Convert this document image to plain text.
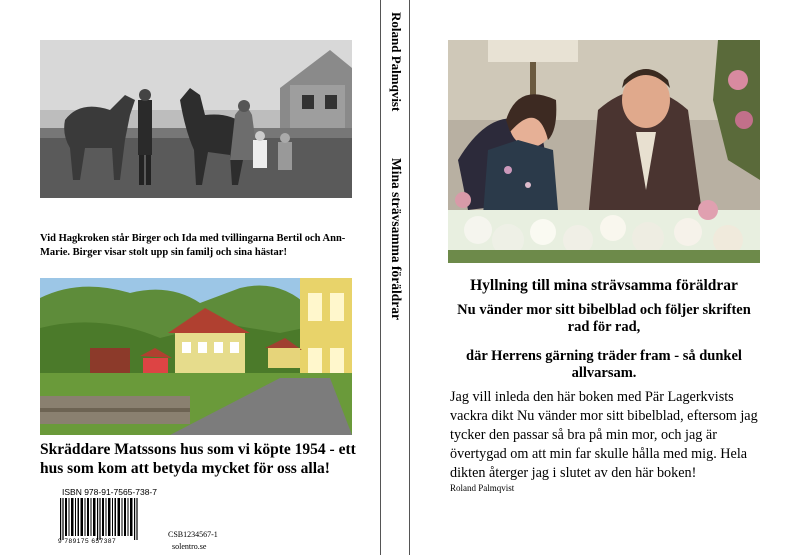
Vid Hagkroken står Birger och Ida med tvillingarna Bertil och Ann-Marie. Birger visar stolt upp sin familj och sina hästar!
Skräddare Matssons hus som vi köpte 1954 - ett hus som kom att betyda mycket för oss alla!
ISBN 978-91-7565-738-7
9 789175 657387
CSB1234567-1
solentro.se
Roland Palmqvist
Mina strävsamma föräldrar	Hyllning till mina strävsamma föräldrar
Nu vänder mor sitt bibelblad och följer skriften rad för rad,
där Herrens gärning träder fram - så dunkel allvarsam.
Jag vill inleda den här boken med Pär Lagerkvists vackra dikt Nu vänder mor sitt bibelblad, eftersom jag tycker den passar så bra på min mor, och jag är övertygad om att min far skulle hålla med mig. Hela dikten återger jag i slutet av den här boken!
Roland Palmqvist
